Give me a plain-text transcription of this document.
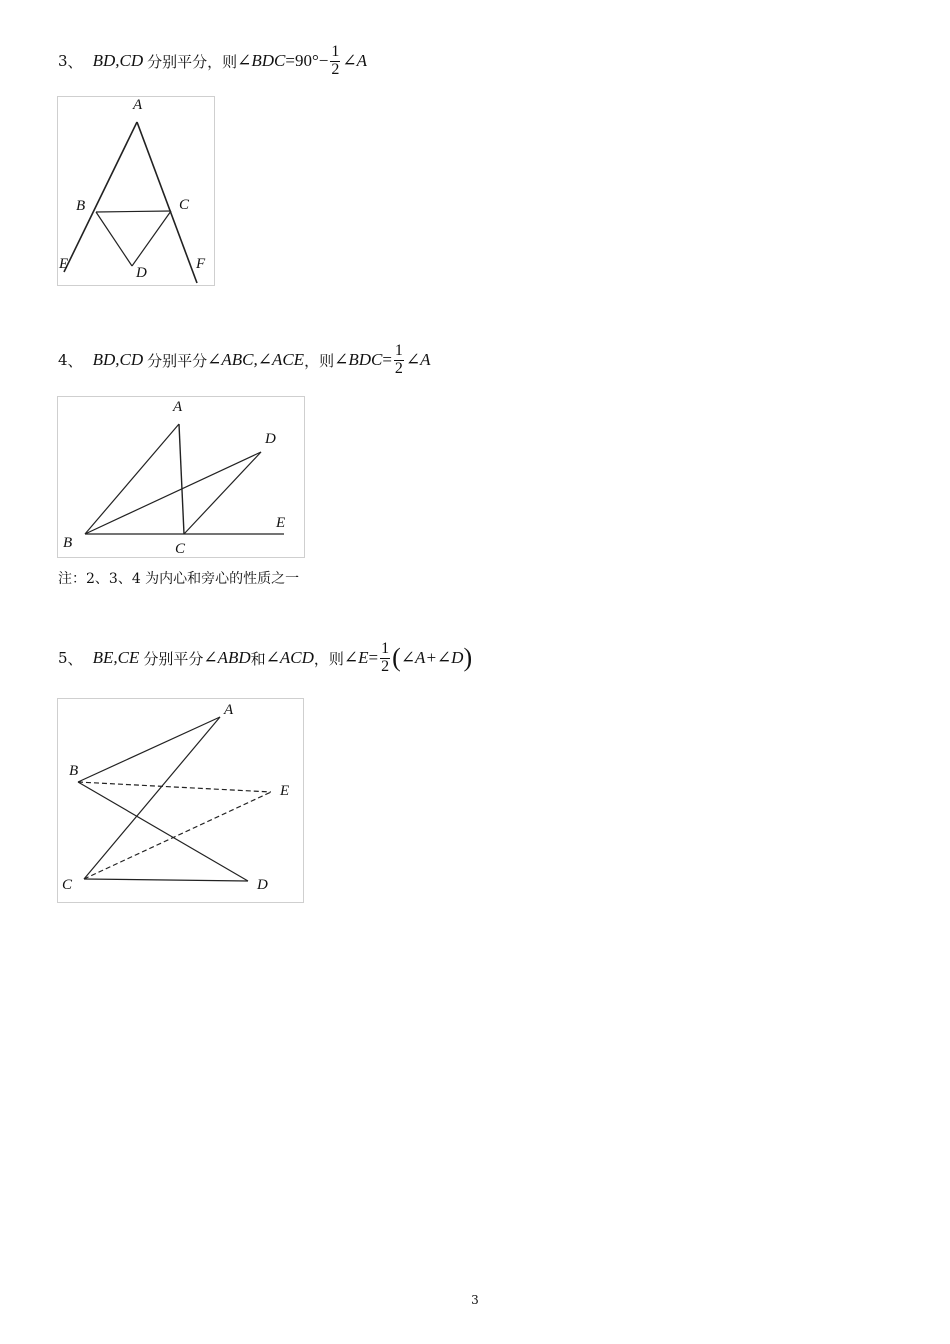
3 、 BD,CD 分别平分，则 ∠BDC $=90^\circ- \frac{1}{2}$ ∠A
A
B	C
D
E	F
4 、 BD,CD 分别平分 ∠ABC,∠ACE ，则 ∠BDC = $\frac{1}{2}$ ∠A
A
B	C
D
E
注：2、3、4 为内心和旁心的性质之一
5 、 BE,CE 分别平分 ∠ABD 和 ∠ACD ，则 ∠E = $\frac{1}{2}$ ( ∠A+∠D )
A
B
C	D
E
3
